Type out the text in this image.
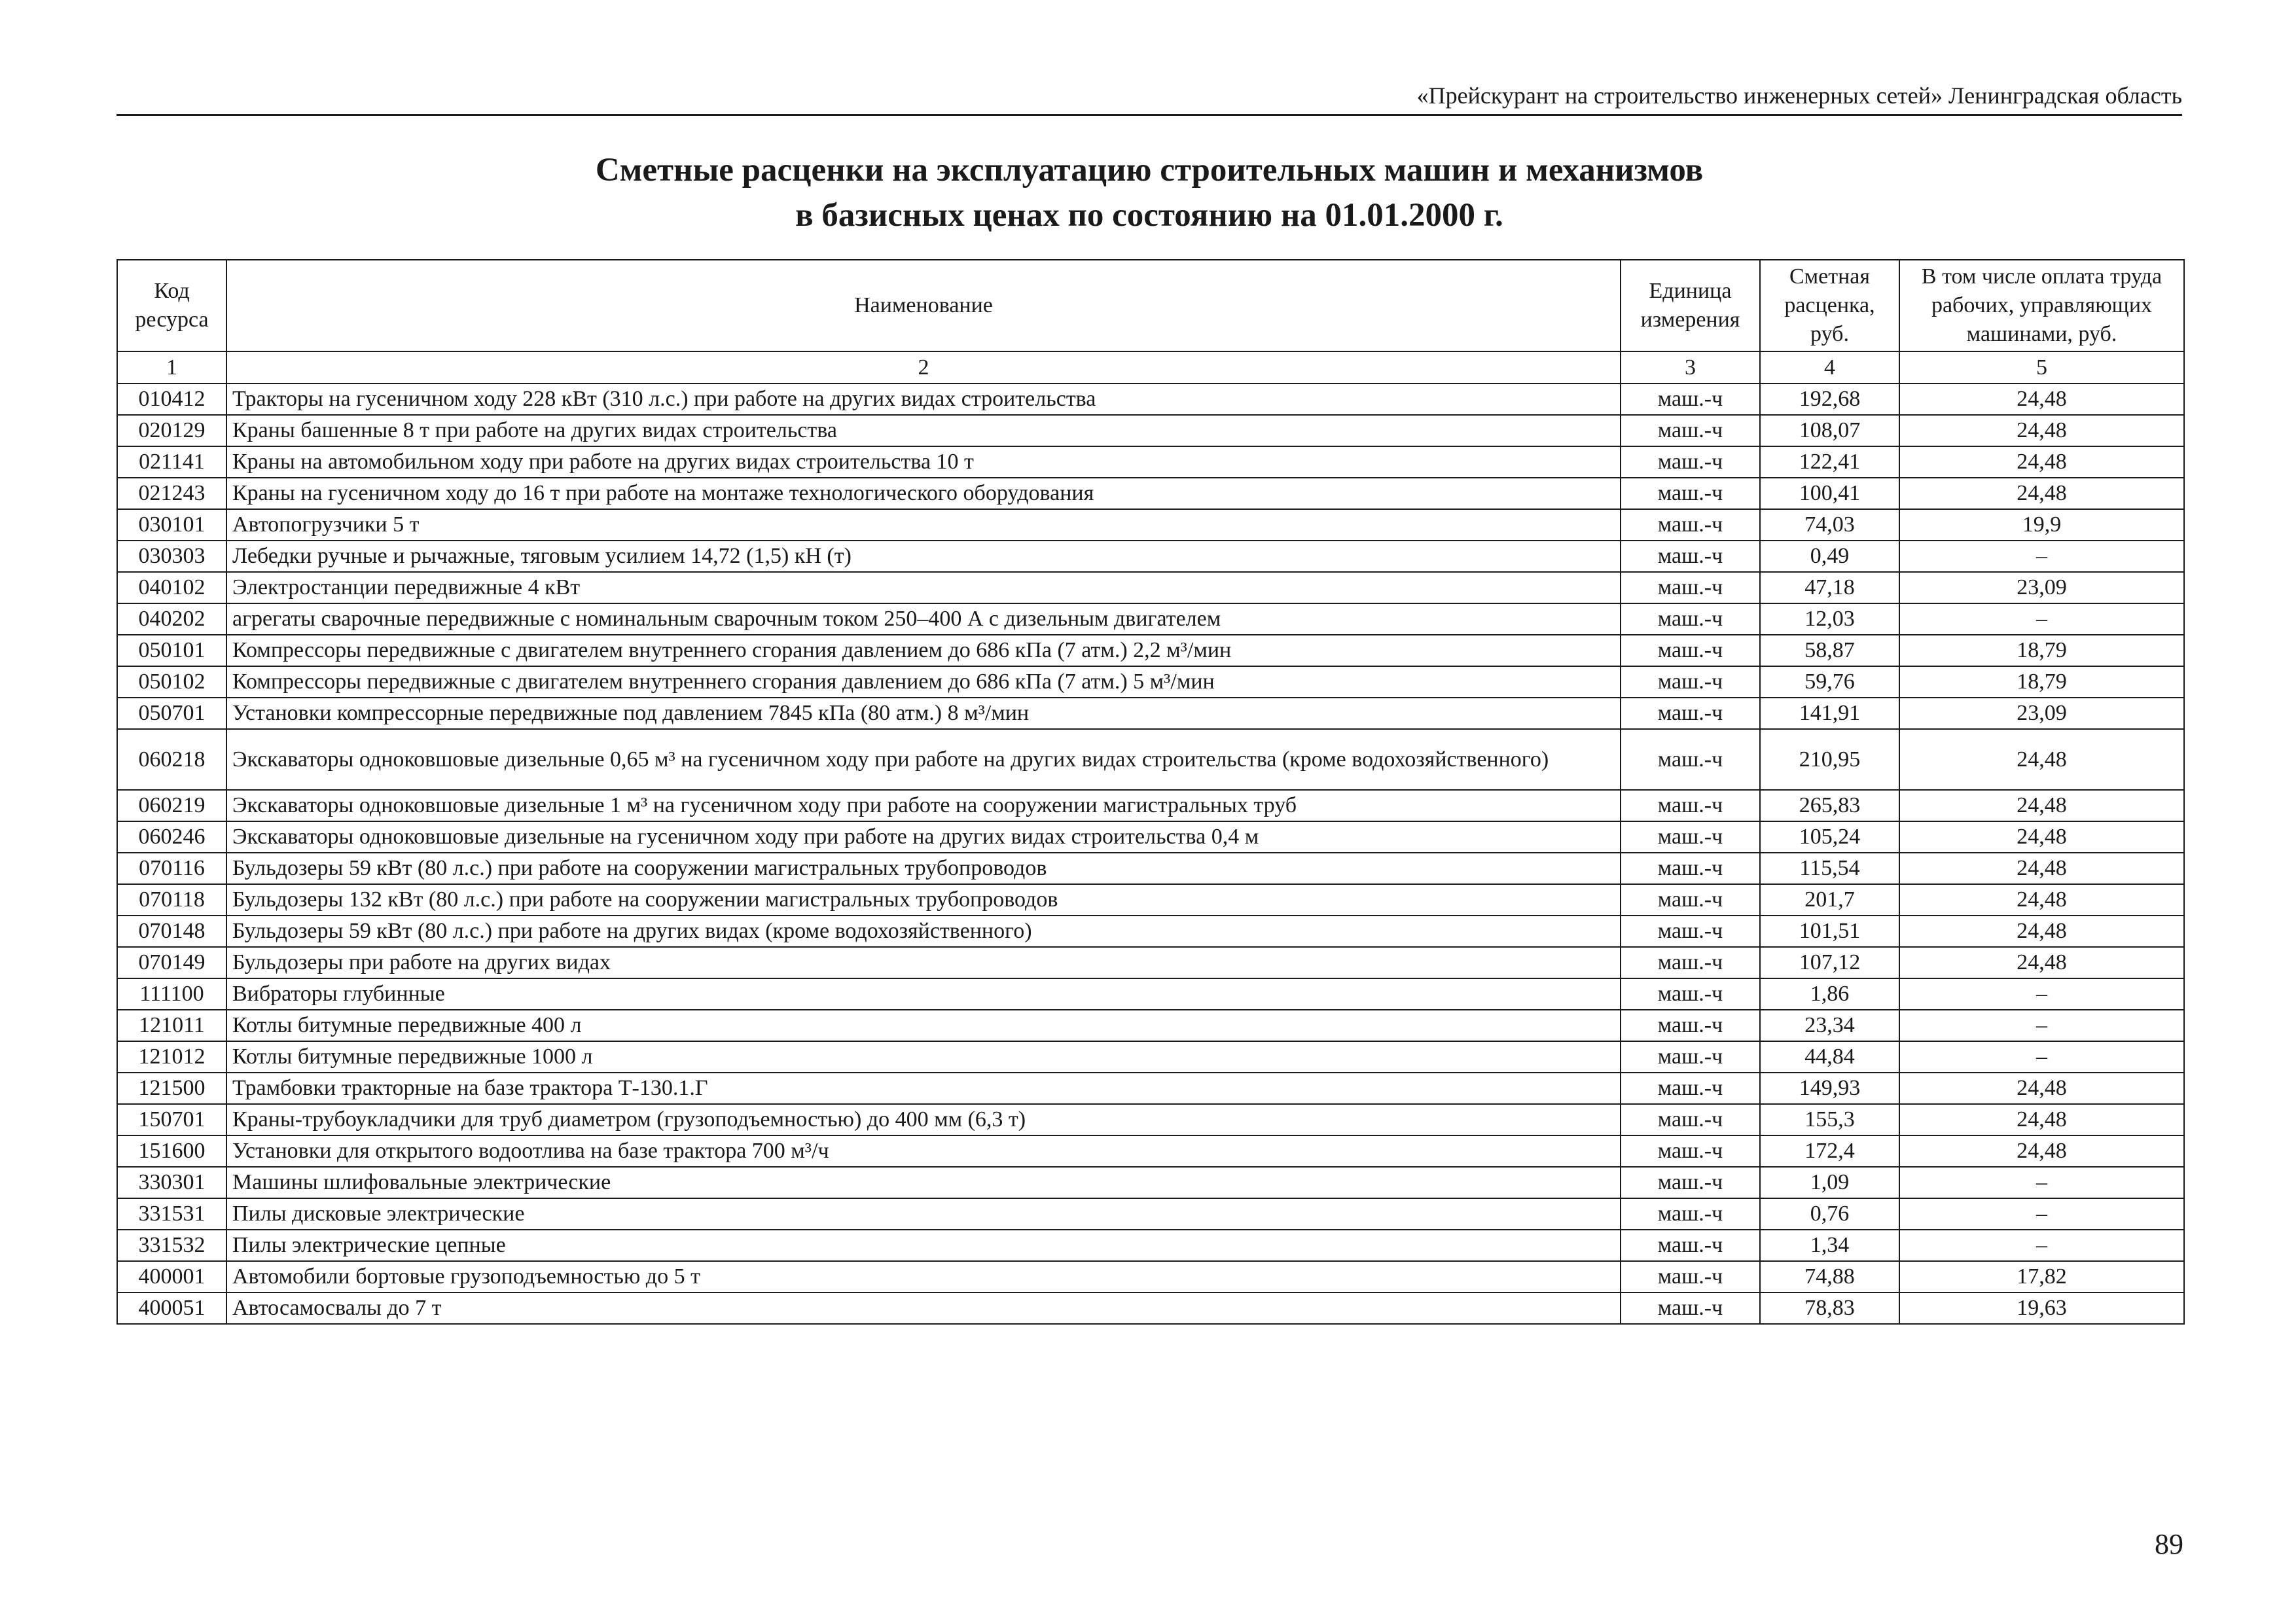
«Прейскурант на строительство инженерных сетей» Ленинградская область
Сметные расценки на эксплуатацию строительных машин и механизмов
в базисных ценах по состоянию на 01.01.2000 г.
Код ресурса	Наименование	Единица измерения	Сметная расценка, руб.	В том числе оплата труда рабочих, управляющих машинами, руб.
1	2	3	4	5
010412	Тракторы на гусеничном ходу 228 кВт (310 л.с.) при работе на других видах строительства	маш.-ч	192,68	24,48
020129	Краны башенные 8 т при работе на других видах строительства	маш.-ч	108,07	24,48
021141	Краны на автомобильном ходу при работе на других видах строительства 10 т	маш.-ч	122,41	24,48
021243	Краны на гусеничном ходу до 16 т при работе на монтаже технологического оборудования	маш.-ч	100,41	24,48
030101	Автопогрузчики 5 т	маш.-ч	74,03	19,9
030303	Лебедки ручные и рычажные, тяговым усилием 14,72 (1,5) кН (т)	маш.-ч	0,49	–
040102	Электростанции передвижные 4 кВт	маш.-ч	47,18	23,09
040202	агрегаты сварочные передвижные с номинальным сварочным током 250–400 А с дизельным двигателем	маш.-ч	12,03	–
050101	Компрессоры передвижные с двигателем внутреннего сгорания давлением до 686 кПа (7 атм.) 2,2 м³/мин	маш.-ч	58,87	18,79
050102	Компрессоры передвижные с двигателем внутреннего сгорания давлением до 686 кПа (7 атм.) 5 м³/мин	маш.-ч	59,76	18,79
050701	Установки компрессорные передвижные под давлением 7845 кПа (80 атм.) 8 м³/мин	маш.-ч	141,91	23,09
060218	Экскаваторы одноковшовые дизельные 0,65 м³ на гусеничном ходу при работе на других видах строительства (кроме водохозяйственного)	маш.-ч	210,95	24,48
060219	Экскаваторы одноковшовые дизельные 1 м³ на гусеничном ходу при работе на сооружении магистральных труб	маш.-ч	265,83	24,48
060246	Экскаваторы одноковшовые дизельные на гусеничном ходу при работе на других видах строительства 0,4 м	маш.-ч	105,24	24,48
070116	Бульдозеры 59 кВт (80 л.с.) при работе на сооружении магистральных трубопроводов	маш.-ч	115,54	24,48
070118	Бульдозеры 132 кВт (80 л.с.) при работе на сооружении магистральных трубопроводов	маш.-ч	201,7	24,48
070148	Бульдозеры 59 кВт (80 л.с.) при работе на других видах (кроме водохозяйственного)	маш.-ч	101,51	24,48
070149	Бульдозеры при работе на других видах	маш.-ч	107,12	24,48
111100	Вибраторы глубинные	маш.-ч	1,86	–
121011	Котлы битумные передвижные 400 л	маш.-ч	23,34	–
121012	Котлы битумные передвижные 1000 л	маш.-ч	44,84	–
121500	Трамбовки тракторные на базе трактора Т-130.1.Г	маш.-ч	149,93	24,48
150701	Краны-трубоукладчики для труб диаметром (грузоподъемностью) до 400 мм (6,3 т)	маш.-ч	155,3	24,48
151600	Установки для открытого водоотлива на базе трактора 700 м³/ч	маш.-ч	172,4	24,48
330301	Машины шлифовальные электрические	маш.-ч	1,09	–
331531	Пилы дисковые электрические	маш.-ч	0,76	–
331532	Пилы электрические цепные	маш.-ч	1,34	–
400001	Автомобили бортовые грузоподъемностью до 5 т	маш.-ч	74,88	17,82
400051	Автосамосвалы до 7 т	маш.-ч	78,83	19,63
89
